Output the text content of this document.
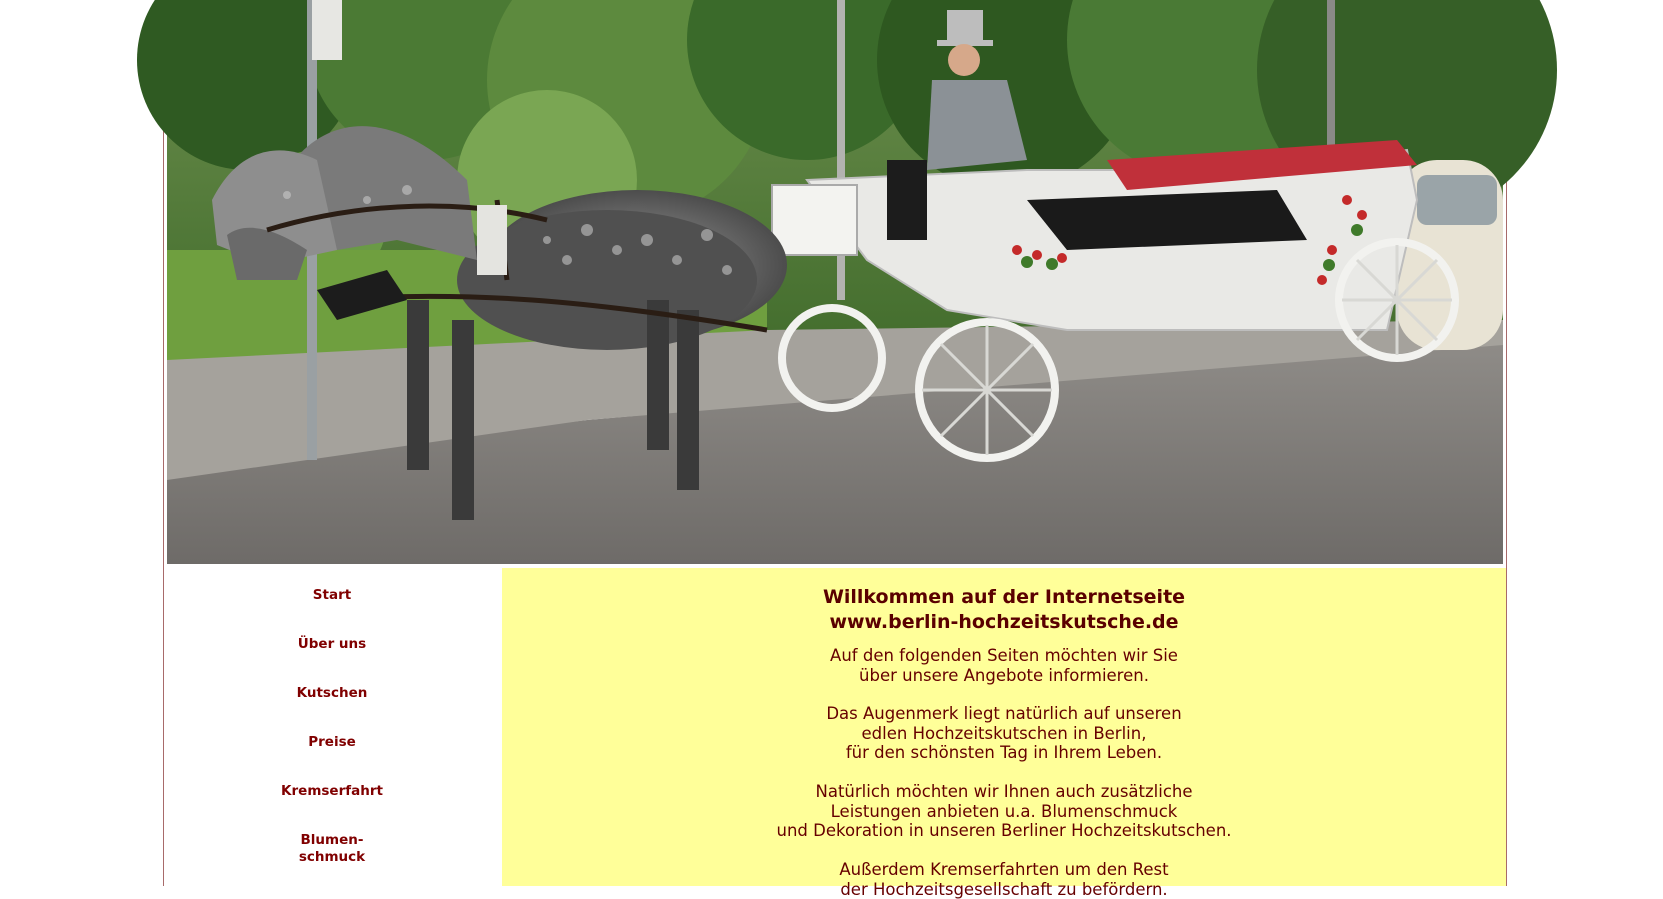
Start
Über uns
Kutschen
Preise
Kremserfahrt
Blumen-
schmuck
Willkommen auf der Internetseite
www.berlin-hochzeitskutsche.de
Auf den folgenden Seiten möchten wir Sie
über unsere Angebote informieren.
Das Augenmerk liegt natürlich auf unseren
edlen Hochzeitskutschen in Berlin,
für den schönsten Tag in Ihrem Leben.
Natürlich möchten wir Ihnen auch zusätzliche
Leistungen anbieten u.a. Blumenschmuck
und Dekoration in unseren Berliner Hochzeitskutschen.
Außerdem Kremserfahrten um den Rest
der Hochzeitsgesellschaft zu befördern.
